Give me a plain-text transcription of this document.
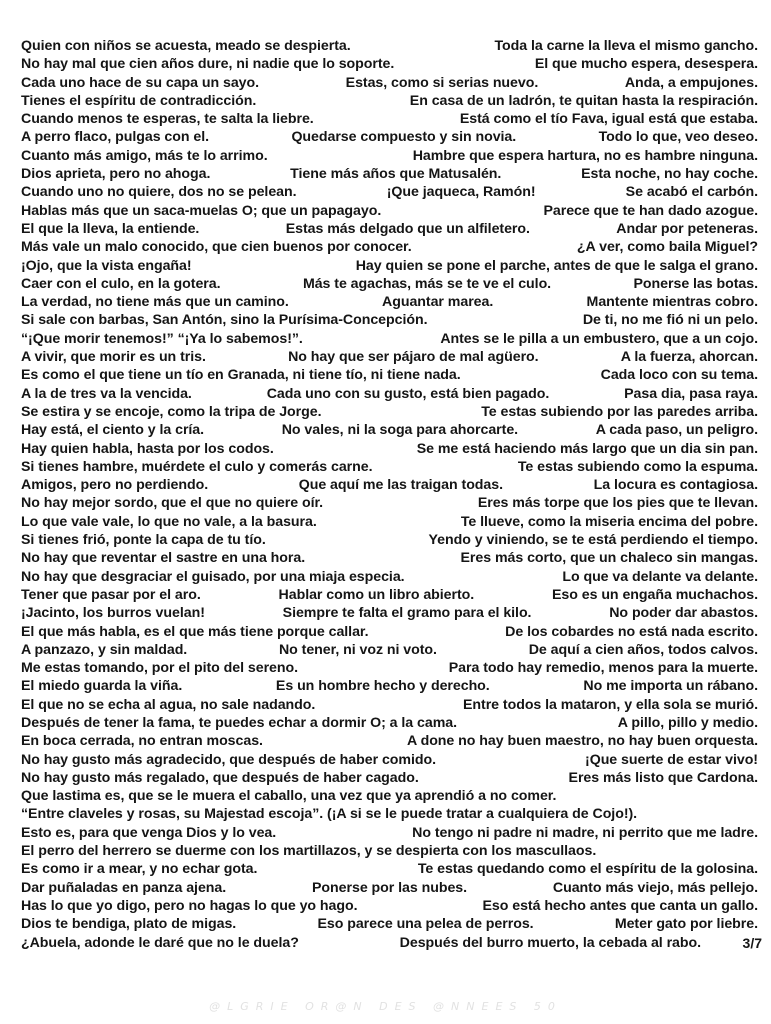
Quien con niños se acuesta, meado se despierta.	Toda la carne la lleva el mismo gancho.
No hay mal que cien años dure, ni nadie que lo soporte.	El que mucho espera, desespera.
Cada uno hace de su capa un sayo.	Estas, como si serias nuevo.	Anda, a empujones.
Tienes el espíritu de contradicción.	En casa de un ladrón, te quitan hasta la respiración.
Cuando menos te esperas, te salta la liebre.	Está como el tío Fava, igual está que estaba.
A perro flaco, pulgas con el.	Quedarse compuesto y sin novia.	Todo lo que, veo deseo.
Cuanto más amigo, más te lo arrimo.	Hambre que espera hartura, no es hambre ninguna.
Dios aprieta, pero no ahoga.	Tiene más años que Matusalén.	Esta noche, no hay coche.
Cuando uno no quiere, dos no se pelean.	¡Que jaqueca, Ramón!	Se acabó el carbón.
Hablas más que un saca-muelas O; que un papagayo.	Parece que te han dado azogue.
El que la lleva, la entiende.	Estas más delgado que un alfiletero.	Andar por peteneras.
Más vale un malo conocido, que cien buenos por conocer.	¿A ver, como baila Miguel?
¡Ojo, que la vista engaña!	Hay quien se pone el parche, antes de que le salga el grano.
Caer con el culo, en la gotera.	Más te agachas, más se te ve el culo.	Ponerse las botas.
La verdad, no tiene más que un camino.	Aguantar marea.	Mantente mientras cobro.
Si sale con barbas, San Antón, sino la Purísima-Concepción.	De ti, no me fió ni un pelo.
“¡Que morir tenemos!” “¡Ya lo sabemos!”.	Antes se le pilla a un embustero, que a un cojo.
A vivir, que morir es un tris.	No hay que ser pájaro de mal agüero.	A la fuerza, ahorcan.
Es como el que tiene un tío en Granada, ni tiene tío, ni tiene nada.	Cada loco con su tema.
A la de tres va la vencida.	Cada uno con su gusto, está bien pagado.	Pasa dia, pasa raya.
Se estira y se encoje, como la tripa de Jorge.	Te estas subiendo por las paredes arriba.
Hay está, el ciento y la cría.	No vales, ni la soga para ahorcarte.	A cada paso, un peligro.
Hay quien habla, hasta por los codos.	Se me está haciendo más largo que un dia sin pan.
Si tienes hambre, muérdete el culo y comerás carne.	Te estas subiendo como la espuma.
Amigos, pero no perdiendo.	Que aquí me las traigan todas.	La locura es contagiosa.
No hay mejor sordo, que el que no quiere oír.	Eres más torpe que los pies que te llevan.
Lo que vale vale, lo que no vale, a la basura.	Te llueve, como la miseria encima del pobre.
Si tienes frió, ponte la capa de tu tío.	Yendo y viniendo, se te está perdiendo el tiempo.
No hay que reventar el sastre en una hora.	Eres más corto, que un chaleco sin mangas.
No hay que desgraciar el guisado, por una miaja especia.	Lo que va delante va delante.
Tener que pasar por el aro.	Hablar como un libro abierto.	Eso es un engaña muchachos.
¡Jacinto, los burros vuelan!	Siempre te falta el gramo para el kilo.	No poder dar abastos.
El que más habla, es el que más tiene porque callar.	De los cobardes no está nada escrito.
A panzazo, y sin maldad.	No tener, ni voz ni voto.	De aquí a cien años, todos calvos.
Me estas tomando, por el pito del sereno.	Para todo hay remedio, menos para la muerte.
El miedo guarda la viña.	Es un hombre hecho y derecho.	No me importa un rábano.
El que no se echa al agua, no sale nadando.	Entre todos la mataron, y ella sola se murió.
Después de tener la fama, te puedes echar a dormir O; a la cama.	A pillo, pillo y medio.
En boca cerrada, no entran moscas.	A done no hay buen maestro, no hay buen orquesta.
No hay gusto más agradecido, que después de haber comido.	¡Que suerte de estar vivo!
No hay gusto más regalado, que después de haber cagado.	Eres más listo que Cardona.
Que lastima es, que se le muera el caballo, una vez que ya aprendió a no comer.
“Entre claveles y rosas, su Majestad escoja”. (¡A si se le puede tratar a cualquiera de Cojo!).
Esto es, para que venga Dios y lo vea.	No tengo ni padre ni madre, ni perrito que me ladre.
El perro del herrero se duerme con los martillazos, y se despierta con los mascullaos.
Es como ir a mear, y no echar gota.	Te estas quedando como el espíritu de la golosina.
Dar puñaladas en panza ajena.	Ponerse por las nubes.	Cuanto más viejo, más pellejo.
Has lo que yo digo, pero no hagas lo que yo hago.	Eso está hecho antes que canta un gallo.
Dios te bendiga, plato de migas.	Eso parece una pelea de perros.	Meter gato por liebre.
¿Abuela, adonde le daré que no le duela?	Después del burro muerto, la cebada al rabo.	3/7
@LGRIE OR@N DES @NNEES 50
